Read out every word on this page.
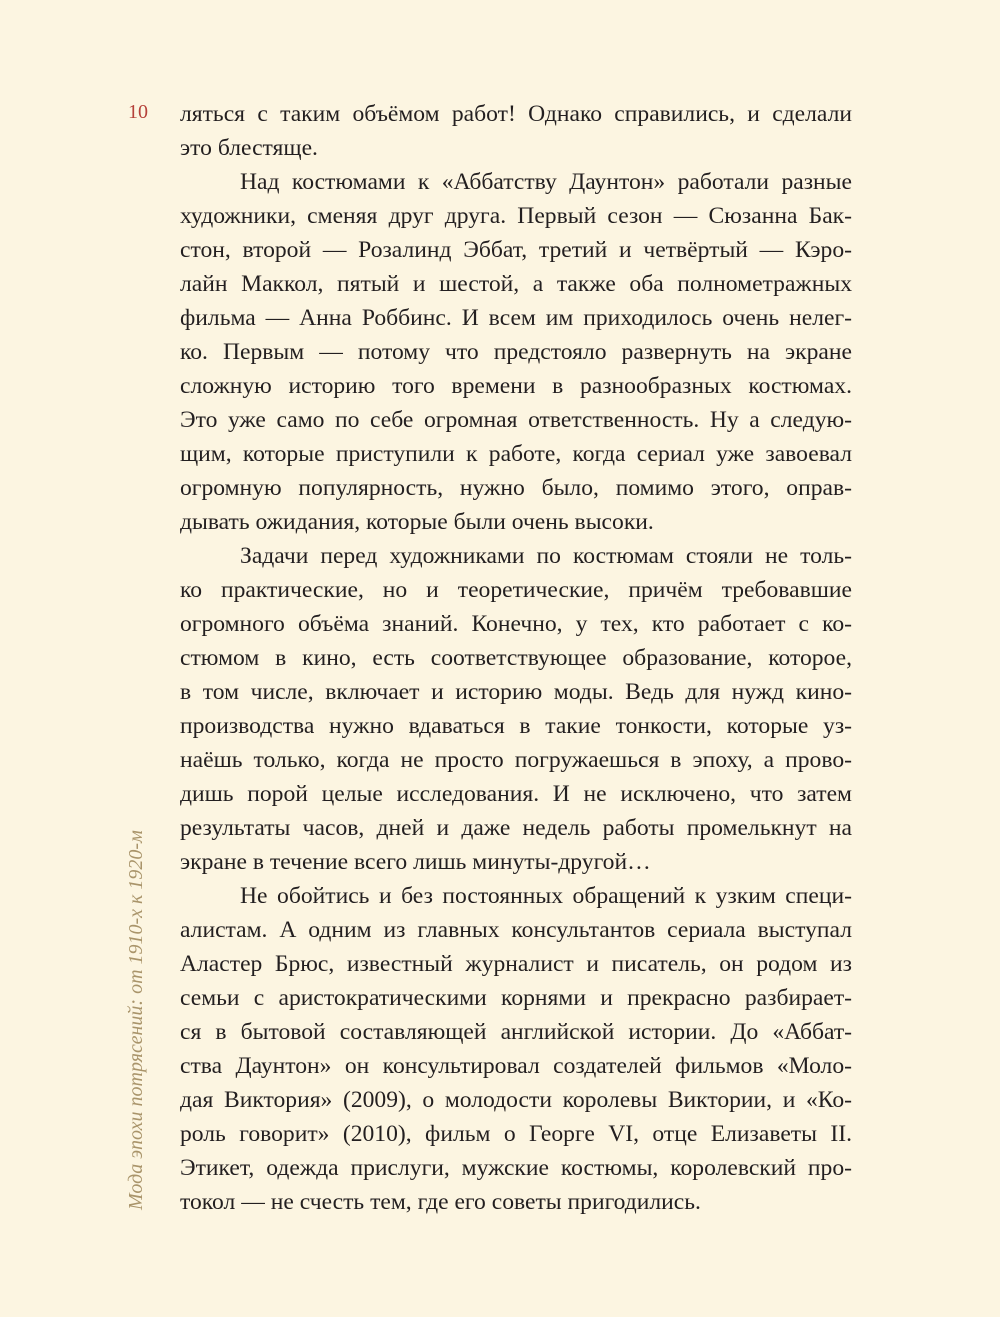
10
Мода эпохи потрясений: от 1910-х к 1920-м
ляться с таким объёмом работ! Однако справились, и сделали
это блестяще.
Над костюмами к «Аббатству Даунтон» работали разные
художники, сменяя друг друга. Первый сезон — Сюзанна Бак-
стон, второй — Розалинд Эббат, третий и четвёртый — Кэро-
лайн Маккол, пятый и шестой, а также оба полнометражных
фильма — Анна Роббинс. И всем им приходилось очень нелег-
ко. Первым — потому что предстояло развернуть на экране
сложную историю того времени в разнообразных костюмах.
Это уже само по себе огромная ответственность. Ну а следую-
щим, которые приступили к работе, когда сериал уже завоевал
огромную популярность, нужно было, помимо этого, оправ-
дывать ожидания, которые были очень высоки.
Задачи перед художниками по костюмам стояли не толь-
ко практические, но и теоретические, причём требовавшие
огромного объёма знаний. Конечно, у тех, кто работает с ко-
стюмом в кино, есть соответствующее образование, которое,
в том числе, включает и историю моды. Ведь для нужд кино-
производства нужно вдаваться в такие тонкости, которые уз-
наёшь только, когда не просто погружаешься в эпоху, а прово-
дишь порой целые исследования. И не исключено, что затем
результаты часов, дней и даже недель работы промелькнут на
экране в течение всего лишь минуты-другой…
Не обойтись и без постоянных обращений к узким специ-
алистам. А одним из главных консультантов сериала выступал
Аластер Брюс, известный журналист и писатель, он родом из
семьи с аристократическими корнями и прекрасно разбирает-
ся в бытовой составляющей английской истории. До «Аббат-
ства Даунтон» он консультировал создателей фильмов «Моло-
дая Виктория» (2009), о молодости королевы Виктории, и «Ко-
роль говорит» (2010), фильм о Георге VI, отце Елизаветы II.
Этикет, одежда прислуги, мужские костюмы, королевский про-
токол — не счесть тем, где его советы пригодились.
